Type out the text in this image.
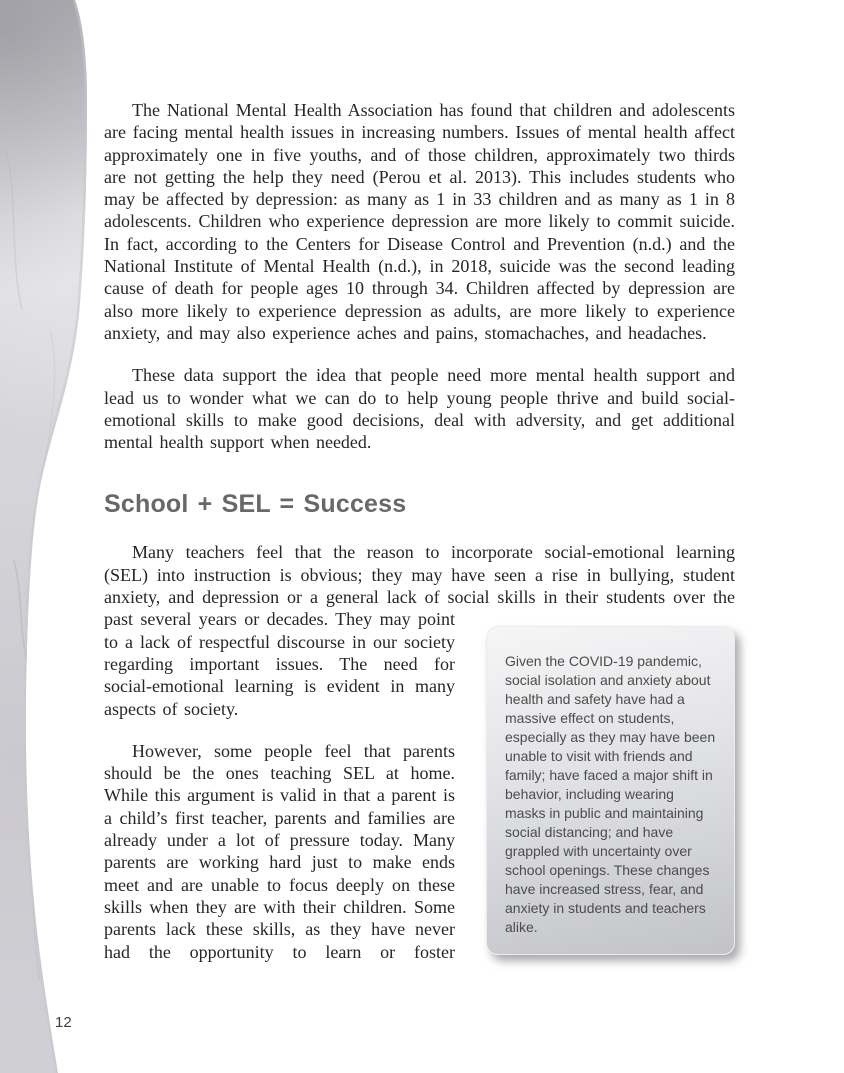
The National Mental Health Association has found that children and adolescents are facing mental health issues in increasing numbers. Issues of mental health affect approximately one in five youths, and of those children, approximately two thirds are not getting the help they need (Perou et al. 2013). This includes students who may be affected by depression: as many as 1 in 33 children and as many as 1 in 8 adolescents. Children who experience depression are more likely to commit suicide. In fact, according to the Centers for Disease Control and Prevention (n.d.) and the National Institute of Mental Health (n.d.), in 2018, suicide was the second leading cause of death for people ages 10 through 34. Children affected by depression are also more likely to experience depression as adults, are more likely to experience anxiety, and may also experience aches and pains, stomachaches, and headaches.

These data support the idea that people need more mental health support and lead us to wonder what we can do to help young people thrive and build social-emotional skills to make good decisions, deal with adversity, and get additional mental health support when needed.

School + SEL = Success

Given the COVID-19 pandemic, social isolation and anxiety about health and safety have had a massive effect on students, especially as they may have been unable to visit with friends and family; have faced a major shift in behavior, including wearing masks in public and maintaining social distancing; and have grappled with uncertainty over school openings. These changes have increased stress, fear, and anxiety in students and teachers alike.

Many teachers feel that the reason to incorporate social-emotional learning (SEL) into instruction is obvious; they may have seen a rise in bullying, student anxiety, and depression or a general lack of social skills in their students over the past several years or decades. They may point to a lack of respectful discourse in our society regarding important issues. The need for social-emotional learning is evident in many aspects of society.

However, some people feel that parents should be the ones teaching SEL at home. While this argument is valid in that a parent is a child’s first teacher, parents and families are already under a lot of pressure today. Many parents are working hard just to make ends meet and are unable to focus deeply on these skills when they are with their children. Some parents lack these skills, as they have never had the opportunity to learn or foster

12
